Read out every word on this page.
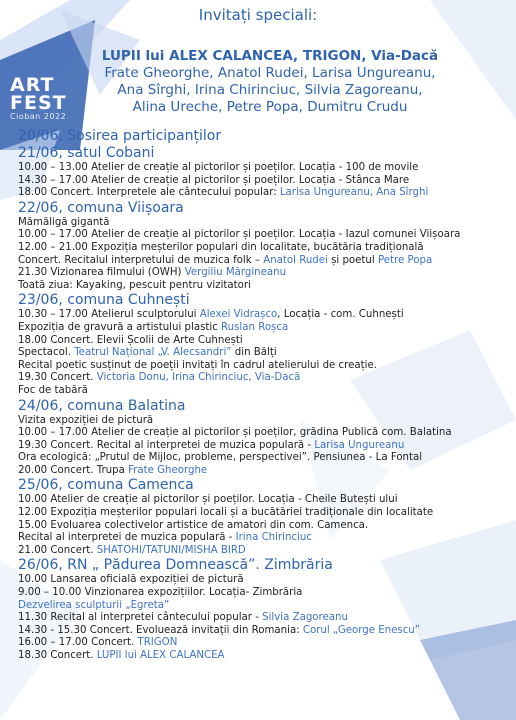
ART
FEST
Cioban 2022
Invitați speciali:
LUPII lui ALEX CALANCEA, TRIGON, Via-Dacă
Frate Gheorghe, Anatol Rudei, Larisa Ungureanu,
Ana Sîrghi, Irina Chirinciuc, Silvia Zagoreanu,
Alina Ureche, Petre Popa, Dumitru Crudu
20/06, Sosirea participanților
21/06, satul Cobani
10.00 – 13.00 Atelier de creație al pictorilor și poeților. Locația - 100 de movile
14.30 – 17.00 Atelier de creație al pictorilor și poeților. Locația - Stânca Mare
18.00 Concert. Interpretele ale cântecului popular: Larisa Ungureanu, Ana Sîrghi
22/06, comuna Viișoara
Mămăligă gigantă
10.00 – 17.00 Atelier de creație al pictorilor și poeților. Locația - Iazul comunei Viișoara
12.00 – 21.00 Expoziția meșterilor populari din localitate, bucătăria tradițională
Concert. Recitalul interpretului de muzica folk – Anatol Rudei și poetul Petre Popa
21.30 Vizionarea filmului (OWH) Vergiliu Mărgineanu
Toată ziua: Kayaking, pescuit pentru vizitatori
23/06, comuna Cuhnești
10.30 – 17.00 Atelierul sculptorului Alexei Vidrașco, Locația - com. Cuhnești
Expoziția de gravură a artistului plastic Ruslan Roșca
18.00 Concert. Elevii Școlii de Arte Cuhnești
Spectacol. Teatrul Național „V. Alecsandri” din Bălți
Recital poetic susținut de poeții invitați în cadrul atelierului de creație.
19.30 Concert. Victoria Donu, Irina Chirinciuc, Via-Dacă
Foc de tabără
24/06, comuna Balatina
Vizita expoziției de pictură
10.00 – 17.00 Atelier de creație al pictorilor și poeților, grădina Publică com. Balatina
19.30 Concert. Recital al interpretei de muzica populară - Larisa Ungureanu
Ora ecologică: „Prutul de Mijloc, probleme, perspectivei”. Pensiunea - La Fontal
20.00 Concert. Trupa Frate Gheorghe
25/06, comuna Camenca
10.00 Atelier de creație al pictorilor și poeților. Locația - Cheile Butești ului
12.00 Expoziția meșterilor populari locali și a bucătăriei tradiționale din localitate
15.00 Evoluarea colectivelor artistice de amatori din com. Camenca.
Recital al interpretei de muzica populară - Irina Chirinciuc
21.00 Concert. SHATOHI/TATUNI/MISHA BIRD
26/06, RN „ Pădurea Domnească”. Zimbrăria
10.00 Lansarea oficială expoziției de pictură
9.00 – 10.00 Vinzionarea expozițiilor. Locația- Zimbrăria
Dezvelirea sculpturii „Egreta”
11.30 Recital al interpretei cântecului popular - Silvia Zagoreanu
14.30 - 15.30 Concert. Evoluează invitații din Romania: Corul „George Enescu”
16.00 – 17.00 Concert. TRIGON
18.30 Concert. LUPII lui ALEX CALANCEA
